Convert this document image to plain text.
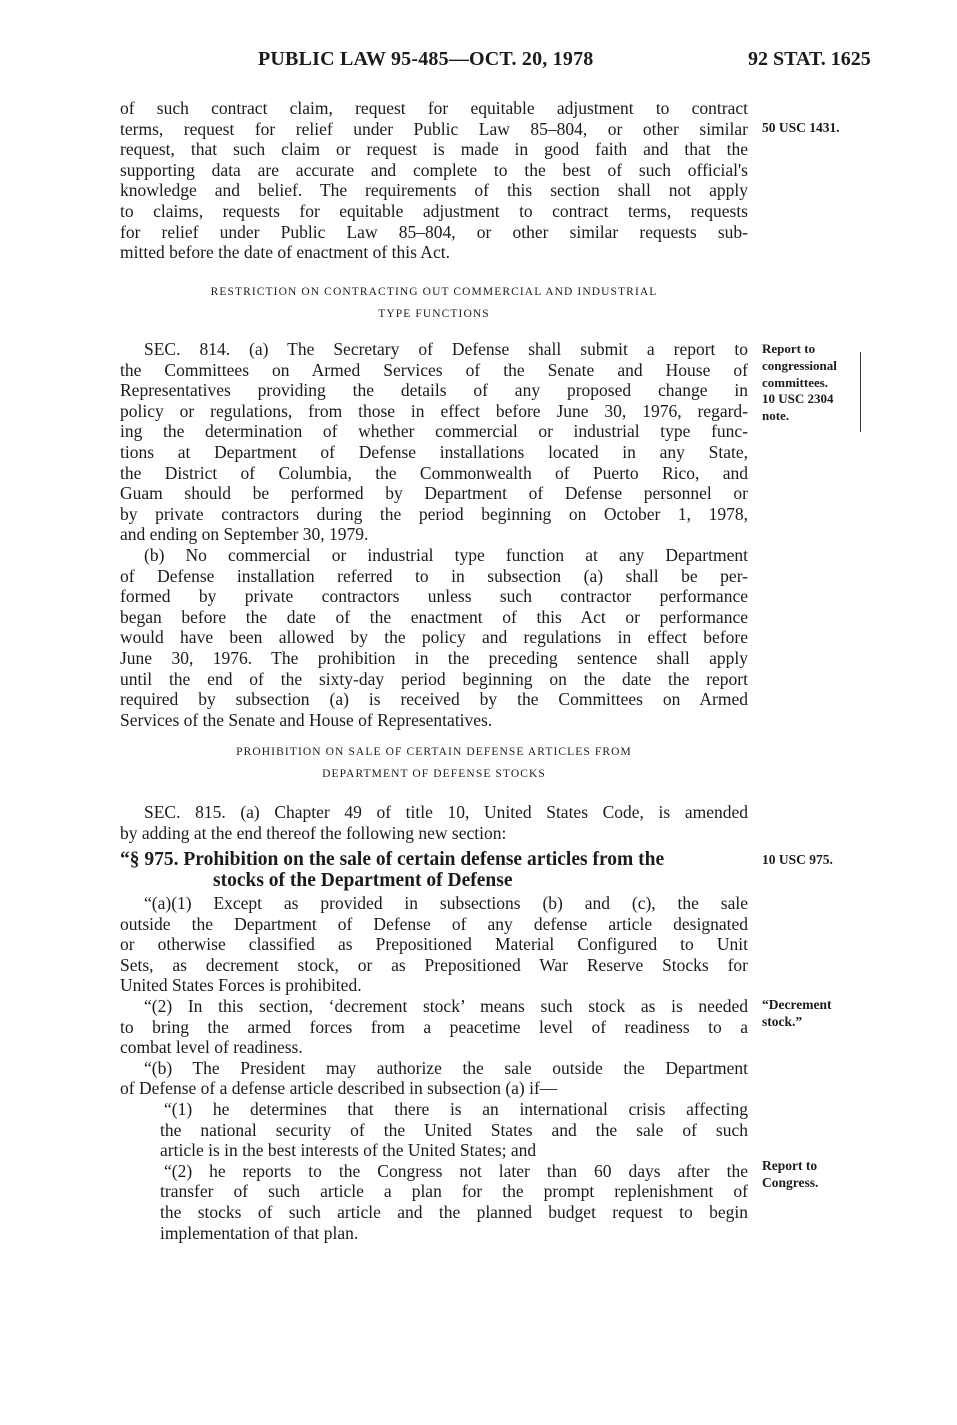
PUBLIC LAW 95-485—OCT. 20, 1978	92 STAT. 1625
of such contract claim, request for equitable adjustment to contract
terms, request for relief under Public Law 85–804, or other similar
request, that such claim or request is made in good faith and that the
supporting data are accurate and complete to the best of such official's
knowledge and belief. The requirements of this section shall not apply
to claims, requests for equitable adjustment to contract terms, requests
for relief under Public Law 85–804, or other similar requests sub-
mitted before the date of enactment of this Act.
RESTRICTION ON CONTRACTING OUT COMMERCIAL AND INDUSTRIAL
TYPE FUNCTIONS
SEC. 814. (a) The Secretary of Defense shall submit a report to
the Committees on Armed Services of the Senate and House of
Representatives providing the details of any proposed change in
policy or regulations, from those in effect before June 30, 1976, regard-
ing the determination of whether commercial or industrial type func-
tions at Department of Defense installations located in any State,
the District of Columbia, the Commonwealth of Puerto Rico, and
Guam should be performed by Department of Defense personnel or
by private contractors during the period beginning on October 1, 1978,
and ending on September 30, 1979.
(b) No commercial or industrial type function at any Department
of Defense installation referred to in subsection (a) shall be per-
formed by private contractors unless such contractor performance
began before the date of the enactment of this Act or performance
would have been allowed by the policy and regulations in effect before
June 30, 1976. The prohibition in the preceding sentence shall apply
until the end of the sixty-day period beginning on the date the report
required by subsection (a) is received by the Committees on Armed
Services of the Senate and House of Representatives.
PROHIBITION ON SALE OF CERTAIN DEFENSE ARTICLES FROM
DEPARTMENT OF DEFENSE STOCKS
SEC. 815. (a) Chapter 49 of title 10, United States Code, is amended
by adding at the end thereof the following new section:
“§ 975. Prohibition on the sale of certain defense articles from the
stocks of the Department of Defense
“(a)(1) Except as provided in subsections (b) and (c), the sale
outside the Department of Defense of any defense article designated
or otherwise classified as Prepositioned Material Configured to Unit
Sets, as decrement stock, or as Prepositioned War Reserve Stocks for
United States Forces is prohibited.
“(2) In this section, ‘decrement stock’ means such stock as is needed
to bring the armed forces from a peacetime level of readiness to a
combat level of readiness.
“(b) The President may authorize the sale outside the Department
of Defense of a defense article described in subsection (a) if—
“(1) he determines that there is an international crisis affecting
the national security of the United States and the sale of such
article is in the best interests of the United States; and
“(2) he reports to the Congress not later than 60 days after the
transfer of such article a plan for the prompt replenishment of
the stocks of such article and the planned budget request to begin
implementation of that plan.
50 USC 1431.
Report to
congressional
committees.
10 USC 2304
note.
10 USC 975.
“Decrement
stock.”
Report to
Congress.
